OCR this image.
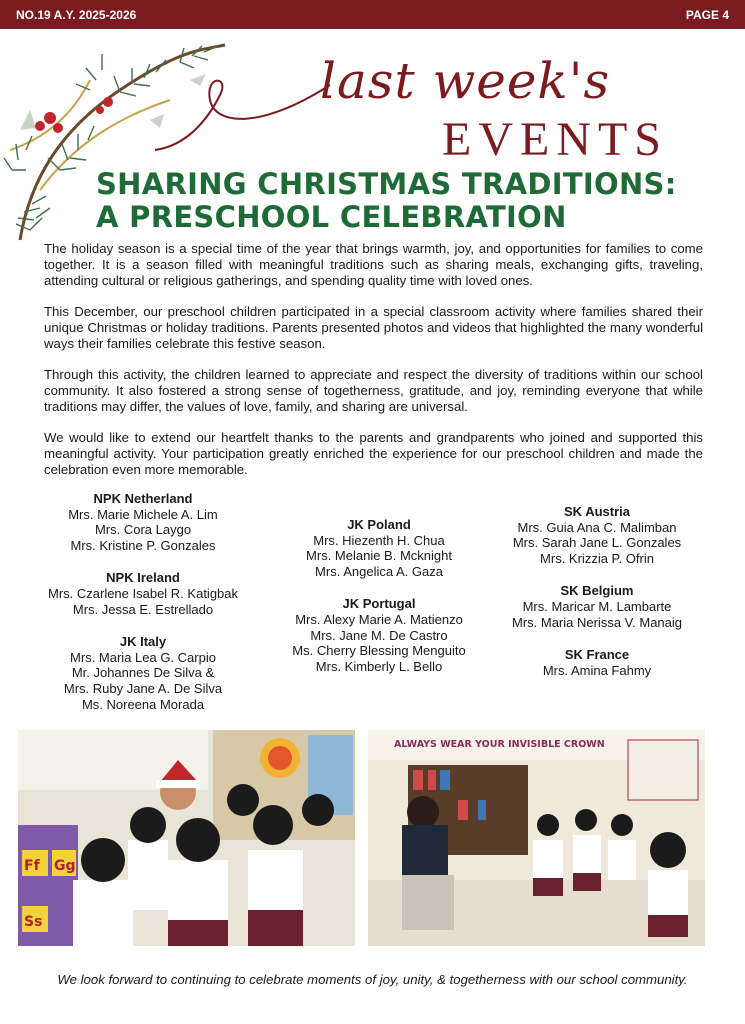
NO.19 A.Y. 2025-2026	PAGE 4
last week's
EVENTS
SHARING CHRISTMAS TRADITIONS:
A PRESCHOOL CELEBRATION

The holiday season is a special time of the year that brings warmth, joy, and opportunities for families to come together. It is a season filled with meaningful traditions such as sharing meals, exchanging gifts, traveling, attending cultural or religious gatherings, and spending quality time with loved ones.

This December, our preschool children participated in a special classroom activity where families shared their unique Christmas or holiday traditions. Parents presented photos and videos that highlighted the many wonderful ways their families celebrate this festive season.

Through this activity, the children learned to appreciate and respect the diversity of traditions within our school community. It also fostered a strong sense of togetherness, gratitude, and joy, reminding everyone that while traditions may differ, the values of love, family, and sharing are universal.

We would like to extend our heartfelt thanks to the parents and grandparents who joined and supported this meaningful activity. Your participation greatly enriched the experience for our preschool children and made the celebration even more memorable.

NPK Netherland
Mrs. Marie Michele A. Lim
Mrs. Cora Laygo
Mrs. Kristine P. Gonzales
NPK Ireland
Mrs. Czarlene Isabel R. Katigbak
Mrs. Jessa E. Estrellado
JK Italy
Mrs. Maria Lea G. Carpio
Mr. Johannes De Silva &
Mrs. Ruby Jane A. De Silva
Ms. Noreena Morada
JK Poland
Mrs. Hiezenth H. Chua
Mrs. Melanie B. Mcknight
Mrs. Angelica A. Gaza
JK Portugal
Mrs. Alexy Marie A. Matienzo
Mrs. Jane M. De Castro
Ms. Cherry Blessing Menguito
Mrs. Kimberly L. Bello
SK Austria
Mrs. Guia Ana C. Malimban
Mrs. Sarah Jane L. Gonzales
Mrs. Krizzia P. Ofrin
SK Belgium
Mrs. Maricar M. Lambarte
Mrs. Maria Nerissa V. Manaig
SK France
Mrs. Amina Fahmy
Ff Gg
Ss
ALWAYS WEAR YOUR INVISIBLE CROWN
We look forward to continuing to celebrate moments of joy, unity, & togetherness with our school community.
